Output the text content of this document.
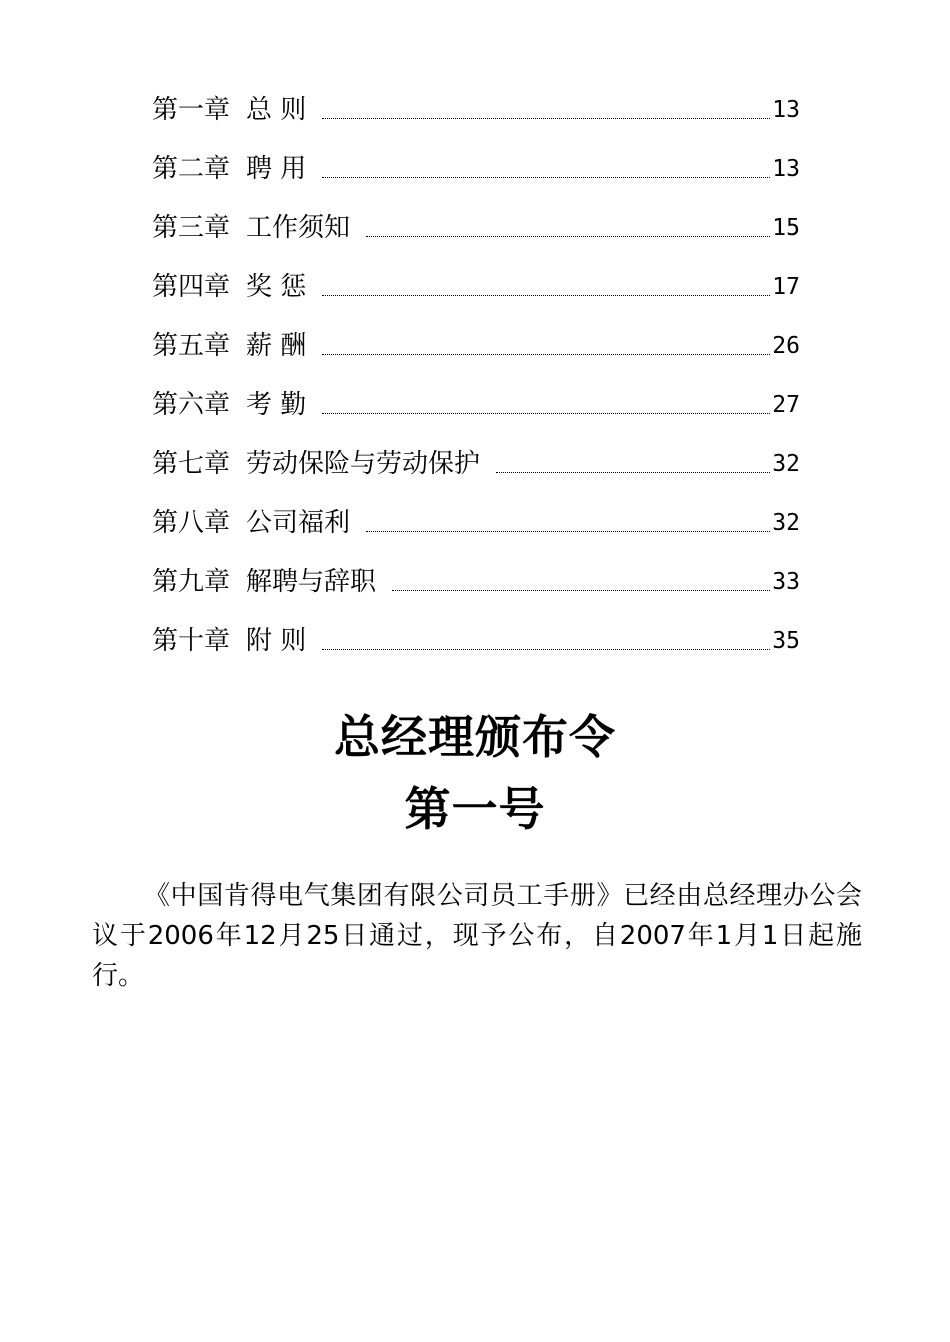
第一章 总 则	13
第二章 聘 用	13
第三章 工作须知	15
第四章 奖 惩	17
第五章 薪 酬	26
第六章 考 勤	27
第七章 劳动保险与劳动保护	32
第八章 公司福利	32
第九章 解聘与辞职	33
第十章 附 则	35
总经理颁布令
第一号
《中国肯得电气集团有限公司员工手册》已经由总经理办公会议于2006年12月25日通过，现予公布，自2007年1月1日起施行。
